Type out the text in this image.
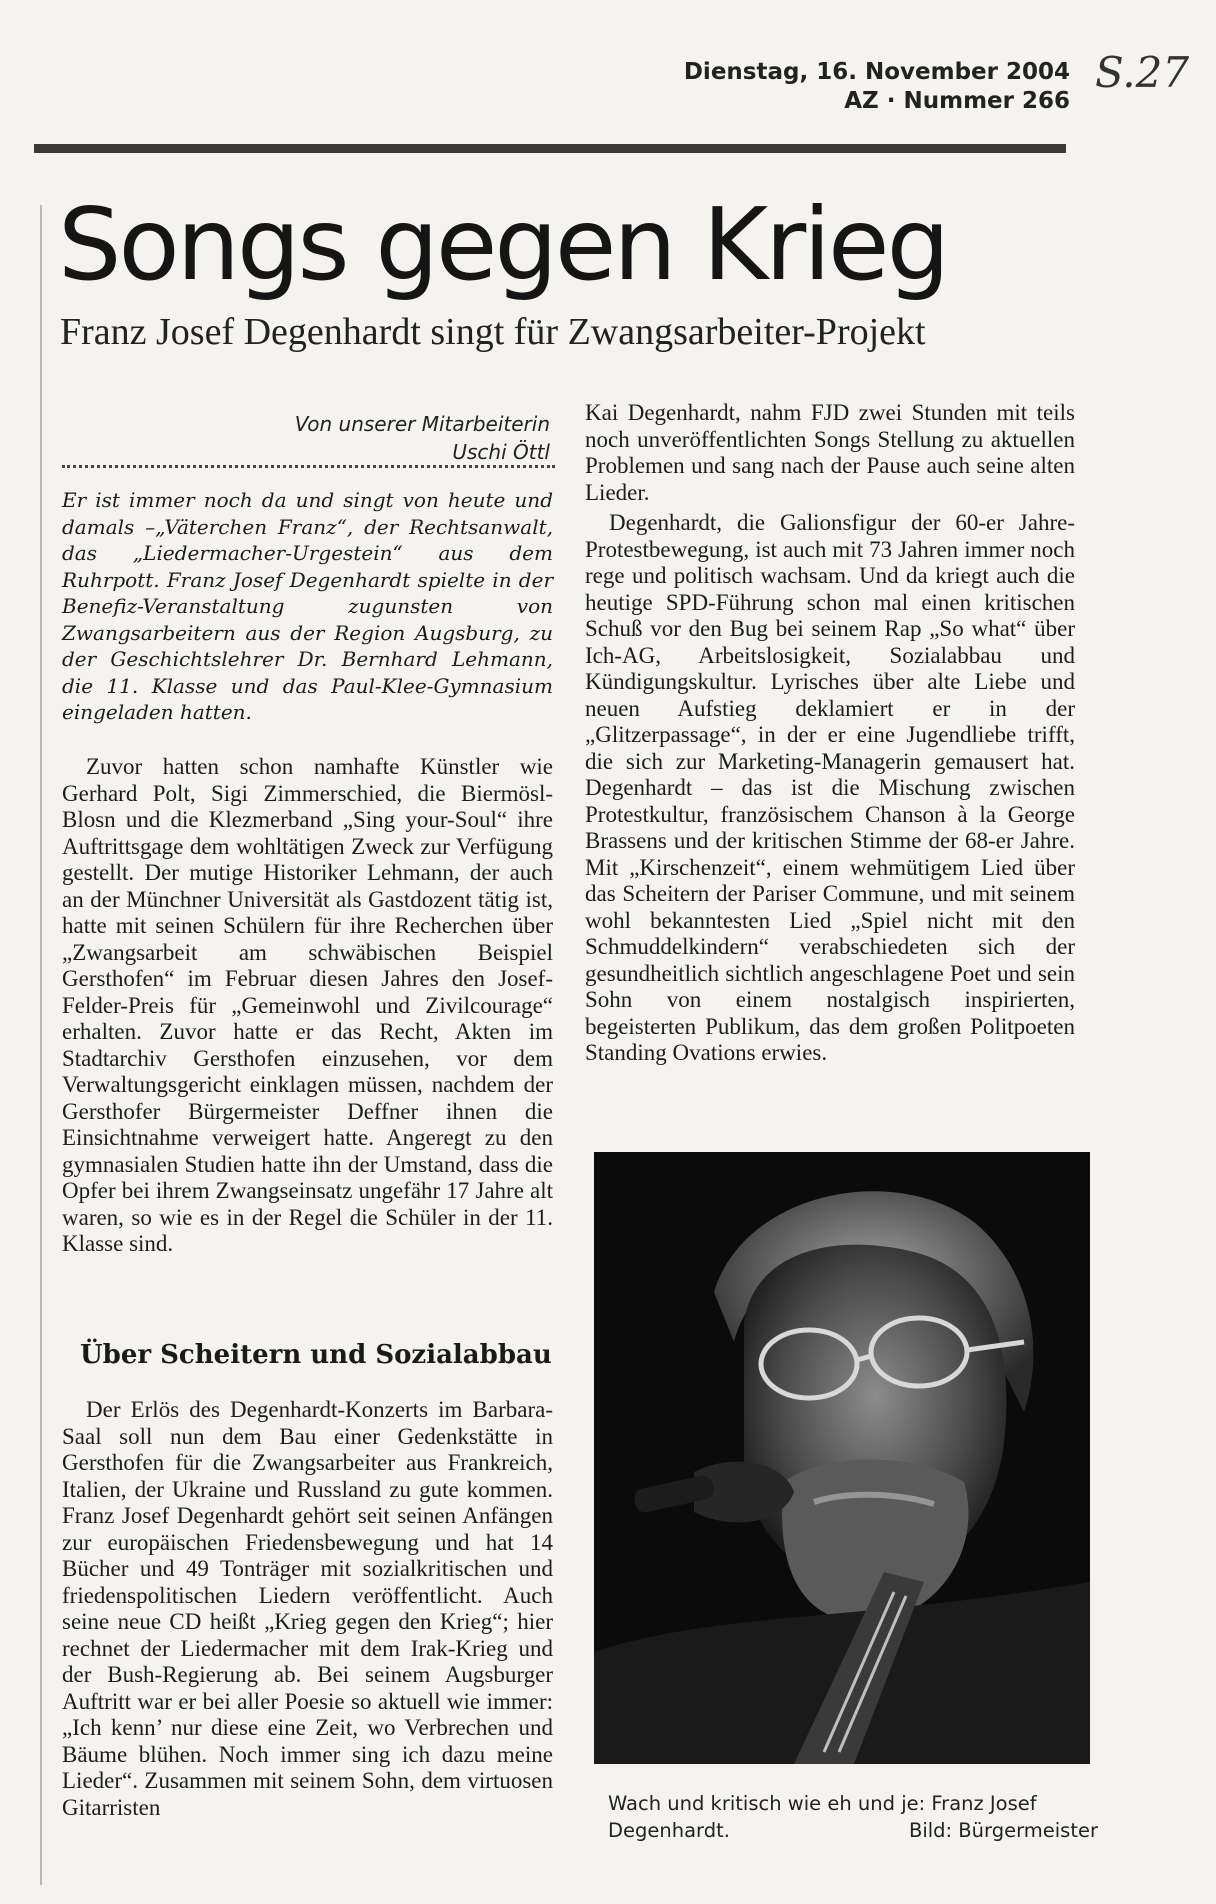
Dienstag, 16. November 2004
AZ · Nummer 266
S.27
Songs gegen Krieg
Franz Josef Degenhardt singt für Zwangsarbeiter-Projekt
Von unserer Mitarbeiterin
Uschi Öttl

Er ist immer noch da und singt von heute und damals –„Väterchen Franz“, der Rechtsanwalt, das „Liedermacher-Urgestein“ aus dem Ruhrpott. Franz Josef Degenhardt spielte in der Benefiz-Veranstaltung zugunsten von Zwangsarbeitern aus der Region Augsburg, zu der Geschichtslehrer Dr. Bernhard Lehmann, die 11. Klasse und das Paul-Klee-Gymnasium eingeladen hatten.

Zuvor hatten schon namhafte Künstler wie Gerhard Polt, Sigi Zimmerschied, die Biermösl-Blosn und die Klezmerband „Sing your-Soul“ ihre Auftrittsgage dem wohltätigen Zweck zur Verfügung gestellt. Der mutige Historiker Lehmann, der auch an der Münchner Universität als Gastdozent tätig ist, hatte mit seinen Schülern für ihre Recherchen über „Zwangsarbeit am schwäbischen Beispiel Gersthofen“ im Februar diesen Jahres den Josef-Felder-Preis für „Gemeinwohl und Zivilcourage“ erhalten. Zuvor hatte er das Recht, Akten im Stadtarchiv Gersthofen einzusehen, vor dem Verwaltungsgericht einklagen müssen, nachdem der Gersthofer Bürgermeister Deffner ihnen die Einsichtnahme verweigert hatte. Angeregt zu den gymnasialen Studien hatte ihn der Umstand, dass die Opfer bei ihrem Zwangseinsatz ungefähr 17 Jahre alt waren, so wie es in der Regel die Schüler in der 11. Klasse sind.

Über Scheitern und Sozialabbau

Der Erlös des Degenhardt-Konzerts im Barbara-Saal soll nun dem Bau einer Gedenkstätte in Gersthofen für die Zwangsarbeiter aus Frankreich, Italien, der Ukraine und Russland zu gute kommen. Franz Josef Degenhardt gehört seit seinen Anfängen zur europäischen Friedensbewegung und hat 14 Bücher und 49 Tonträger mit sozialkritischen und friedenspolitischen Liedern veröffentlicht. Auch seine neue CD heißt „Krieg gegen den Krieg“; hier rechnet der Liedermacher mit dem Irak-Krieg und der Bush-Regierung ab. Bei seinem Augsburger Auftritt war er bei aller Poesie so aktuell wie immer: „Ich kenn’ nur diese eine Zeit, wo Verbrechen und Bäume blühen. Noch immer sing ich dazu meine Lieder“. Zusammen mit seinem Sohn, dem virtuosen Gitarristen

Kai Degenhardt, nahm FJD zwei Stunden mit teils noch unveröffentlichten Songs Stellung zu aktuellen Problemen und sang nach der Pause auch seine alten Lieder.

Degenhardt, die Galionsfigur der 60-er Jahre-Protestbewegung, ist auch mit 73 Jahren immer noch rege und politisch wachsam. Und da kriegt auch die heutige SPD-Führung schon mal einen kritischen Schuß vor den Bug bei seinem Rap „So what“ über Ich-AG, Arbeitslosigkeit, Sozialabbau und Kündigungskultur. Lyrisches über alte Liebe und neuen Aufstieg deklamiert er in der „Glitzerpassage“, in der er eine Jugendliebe trifft, die sich zur Marketing-Managerin gemausert hat. Degenhardt – das ist die Mischung zwischen Protestkultur, französischem Chanson à la George Brassens und der kritischen Stimme der 68-er Jahre. Mit „Kirschenzeit“, einem wehmütigem Lied über das Scheitern der Pariser Commune, und mit seinem wohl bekanntesten Lied „Spiel nicht mit den Schmuddelkindern“ verabschiedeten sich der gesundheitlich sichtlich angeschlagene Poet und sein Sohn von einem nostalgisch inspirierten, begeisterten Publikum, das dem großen Politpoeten Standing Ovations erwies.

Wach und kritisch wie eh und je: Franz Josef Degenhardt.	Bild: Bürgermeister
